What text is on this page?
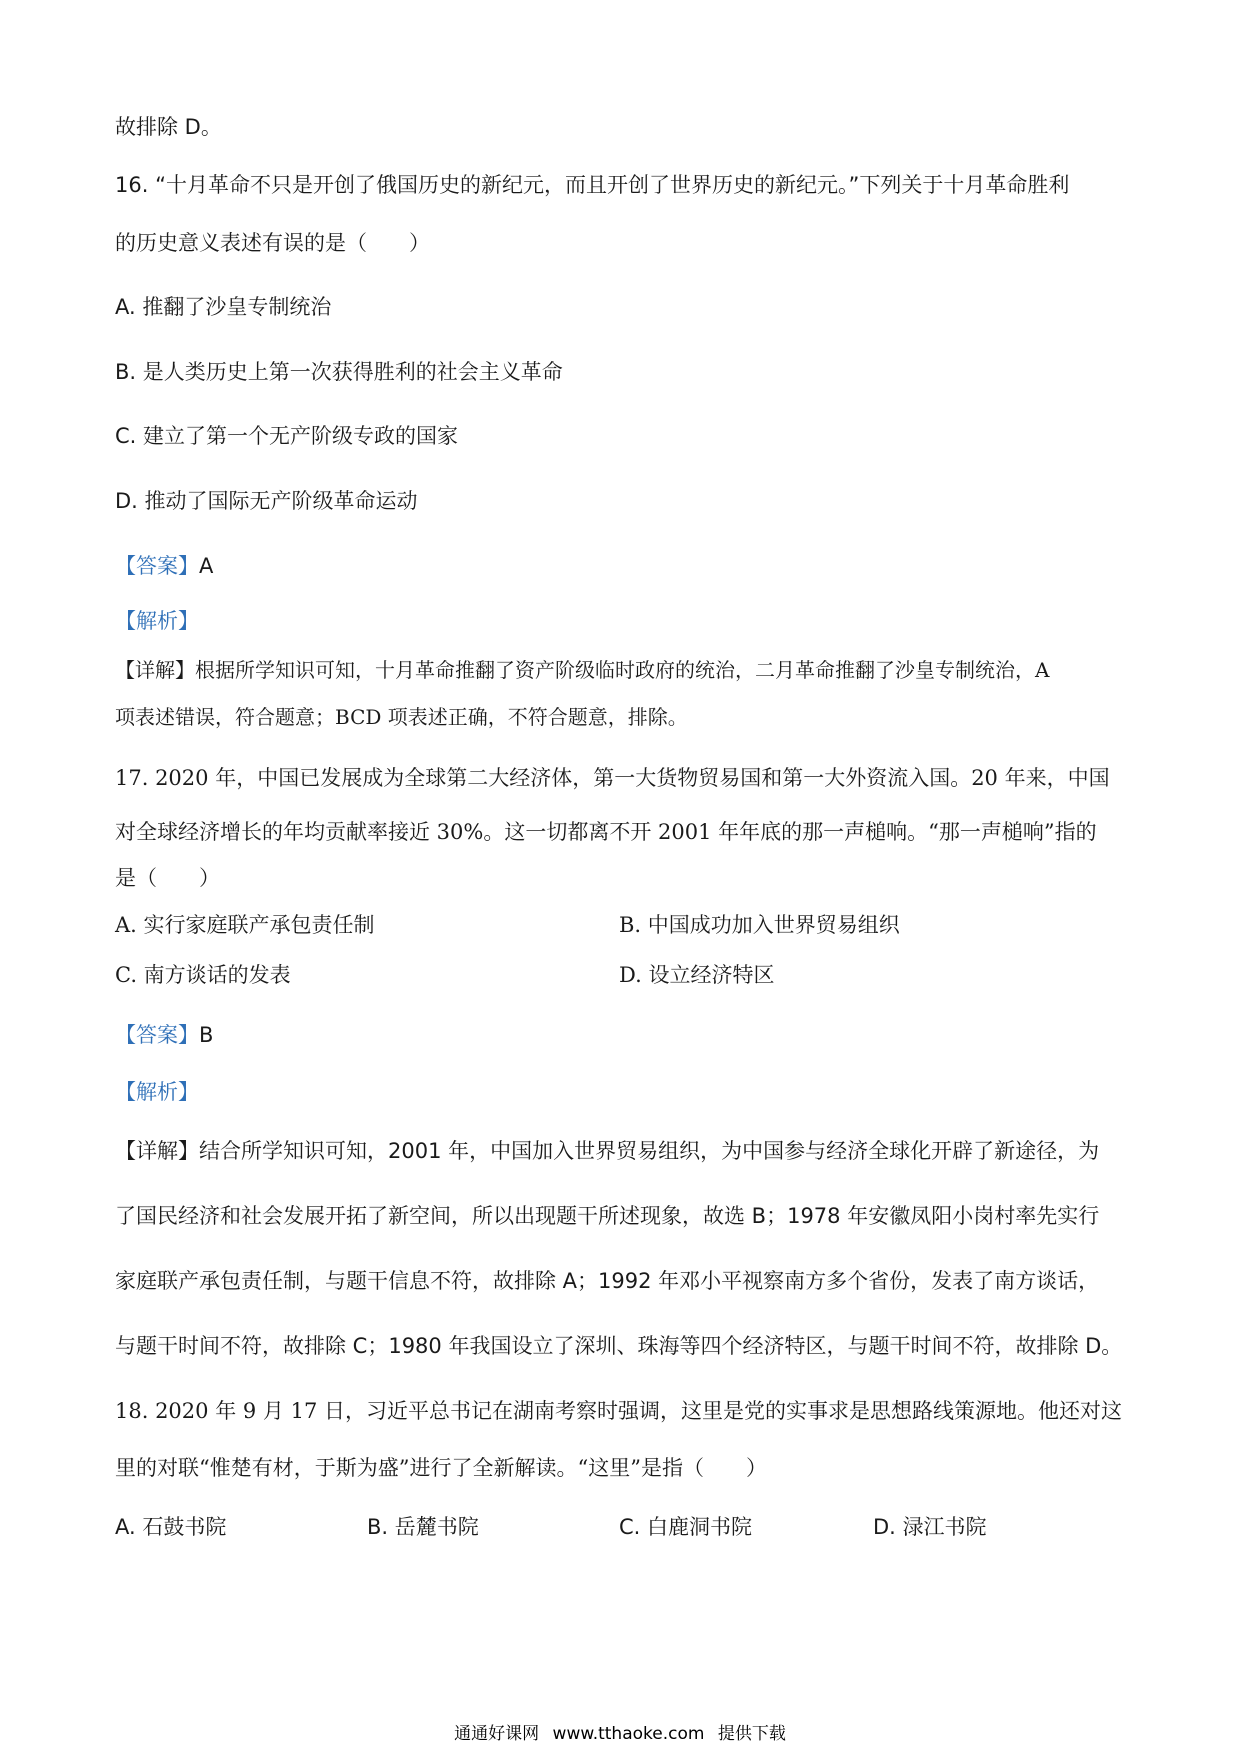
故排除 D。
16. “十月革命不只是开创了俄国历史的新纪元，而且开创了世界历史的新纪元。”下列关于十月革命胜利
的历史意义表述有误的是（　　）
A. 推翻了沙皇专制统治
B. 是人类历史上第一次获得胜利的社会主义革命
C. 建立了第一个无产阶级专政的国家
D. 推动了国际无产阶级革命运动
【答案】A
【解析】
【详解】根据所学知识可知，十月革命推翻了资产阶级临时政府的统治，二月革命推翻了沙皇专制统治，A
项表述错误，符合题意；BCD 项表述正确，不符合题意，排除。
17. 2020 年，中国已发展成为全球第二大经济体，第一大货物贸易国和第一大外资流入国。20 年来，中国
对全球经济增长的年均贡献率接近 30%。这一切都离不开 2001 年年底的那一声槌响。“那一声槌响”指的
是（　　）
A. 实行家庭联产承包责任制	B. 中国成功加入世界贸易组织
C. 南方谈话的发表	D. 设立经济特区
【答案】B
【解析】
【详解】结合所学知识可知，2001 年，中国加入世界贸易组织，为中国参与经济全球化开辟了新途径，为
了国民经济和社会发展开拓了新空间，所以出现题干所述现象，故选 B；1978 年安徽凤阳小岗村率先实行
家庭联产承包责任制，与题干信息不符，故排除 A；1992 年邓小平视察南方多个省份，发表了南方谈话，
与题干时间不符，故排除 C；1980 年我国设立了深圳、珠海等四个经济特区，与题干时间不符，故排除 D。
18. 2020 年 9 月 17 日，习近平总书记在湖南考察时强调，这里是党的实事求是思想路线策源地。他还对这
里的对联“惟楚有材，于斯为盛”进行了全新解读。“这里”是指（　　）
A. 石鼓书院	B. 岳麓书院	C. 白鹿洞书院	D. 渌江书院
通通好课网 www.tthaoke.com 提供下载
